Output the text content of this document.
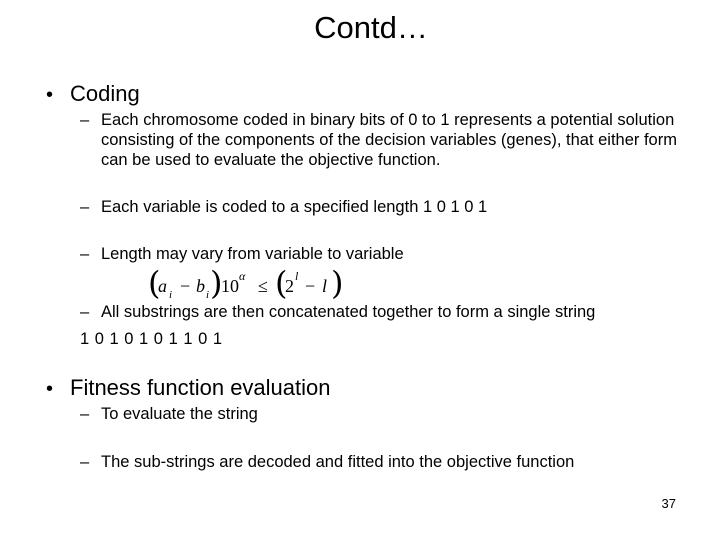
Contd…
• Coding
– Each chromosome coded in binary bits of 0 to 1 represents a potential solution consisting of the components of the decision variables (genes), that either form can be used to evaluate the objective function.
– Each variable is coded to a specified length 1 0 1 0 1
– Length may vary from variable to variable
(
a i − b i )
10 α ≤ (
2 l − l )
– All substrings are then concatenated together to form a single string
1 0 1 0 1 0 1 1 0 1
• Fitness function evaluation
– To evaluate the string
– The sub-strings are decoded and fitted into the objective function
37
